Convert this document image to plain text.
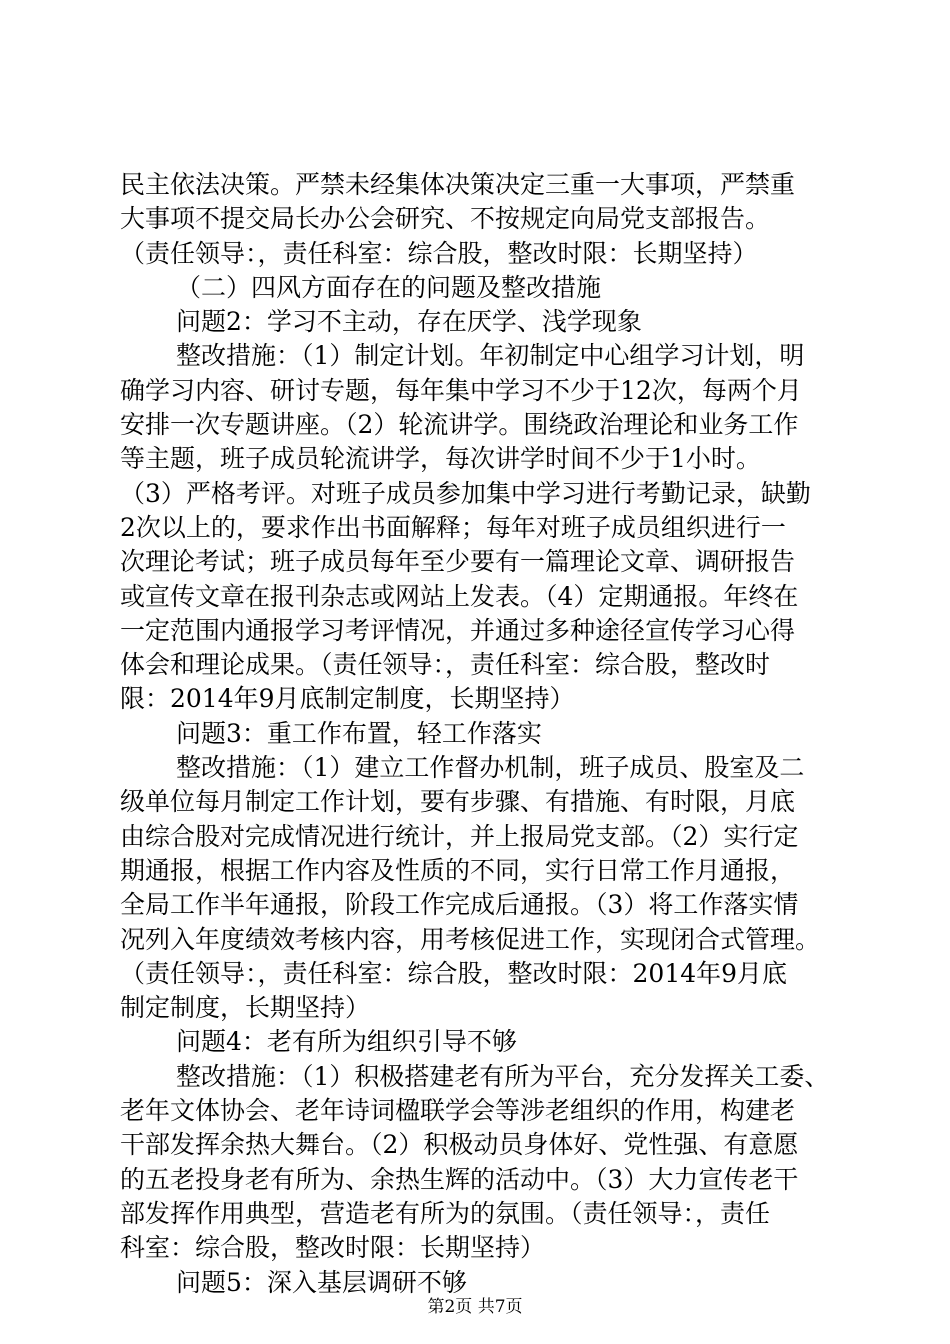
民主依法决策。严禁未经集体决策决定三重一大事项，严禁重
大事项不提交局长办公会研究、不按规定向局党支部报告。
（责任领导：，责任科室：综合股，整改时限：长期坚持）
（二）四风方面存在的问题及整改措施
问题2：学习不主动，存在厌学、浅学现象
整改措施：（1）制定计划。年初制定中心组学习计划，明
确学习内容、研讨专题，每年集中学习不少于12次，每两个月
安排一次专题讲座。（2）轮流讲学。围绕政治理论和业务工作
等主题，班子成员轮流讲学，每次讲学时间不少于1小时。
（3）严格考评。对班子成员参加集中学习进行考勤记录，缺勤
2次以上的，要求作出书面解释；每年对班子成员组织进行一
次理论考试；班子成员每年至少要有一篇理论文章、调研报告
或宣传文章在报刊杂志或网站上发表。（4）定期通报。年终在
一定范围内通报学习考评情况，并通过多种途径宣传学习心得
体会和理论成果。（责任领导：，责任科室：综合股，整改时
限：2014年9月底制定制度，长期坚持）
问题3：重工作布置，轻工作落实
整改措施：（1）建立工作督办机制，班子成员、股室及二
级单位每月制定工作计划，要有步骤、有措施、有时限，月底
由综合股对完成情况进行统计，并上报局党支部。（2）实行定
期通报，根据工作内容及性质的不同，实行日常工作月通报，
全局工作半年通报，阶段工作完成后通报。（3）将工作落实情
况列入年度绩效考核内容，用考核促进工作，实现闭合式管理。
（责任领导：，责任科室：综合股，整改时限：2014年9月底
制定制度，长期坚持）
问题4：老有所为组织引导不够
整改措施：（1）积极搭建老有所为平台，充分发挥关工委、
老年文体协会、老年诗词楹联学会等涉老组织的作用，构建老
干部发挥余热大舞台。（2）积极动员身体好、党性强、有意愿
的五老投身老有所为、余热生辉的活动中。（3）大力宣传老干
部发挥作用典型，营造老有所为的氛围。（责任领导：，责任
科室：综合股，整改时限：长期坚持）
问题5：深入基层调研不够
第2页 共7页
